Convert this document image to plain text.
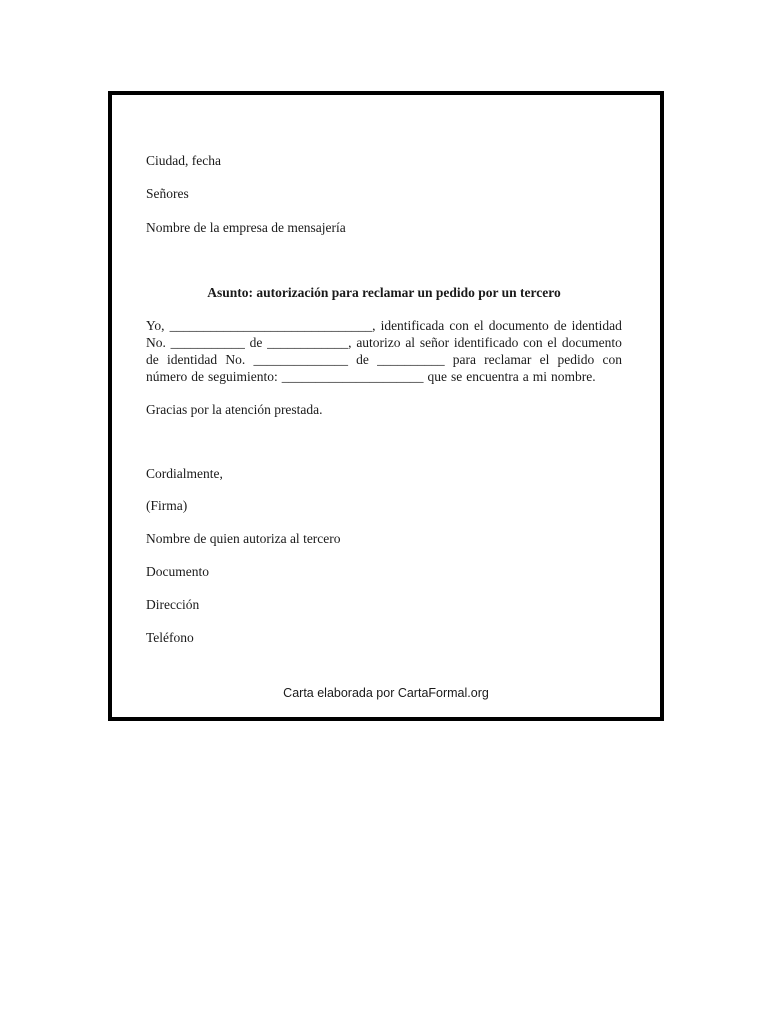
Ciudad, fecha
Señores
Nombre de la empresa de mensajería
Asunto: autorización para reclamar un pedido por un tercero
Yo, ______________________________, identificada con el documento de identidad
No. ___________ de ____________, autorizo al señor identificado con el documento
de identidad No. ______________ de __________ para reclamar el pedido con
número de seguimiento: _____________________ que se encuentra a mi nombre.
Gracias por la atención prestada.
Cordialmente,
(Firma)
Nombre de quien autoriza al tercero
Documento
Dirección
Teléfono
Carta elaborada por CartaFormal.org
